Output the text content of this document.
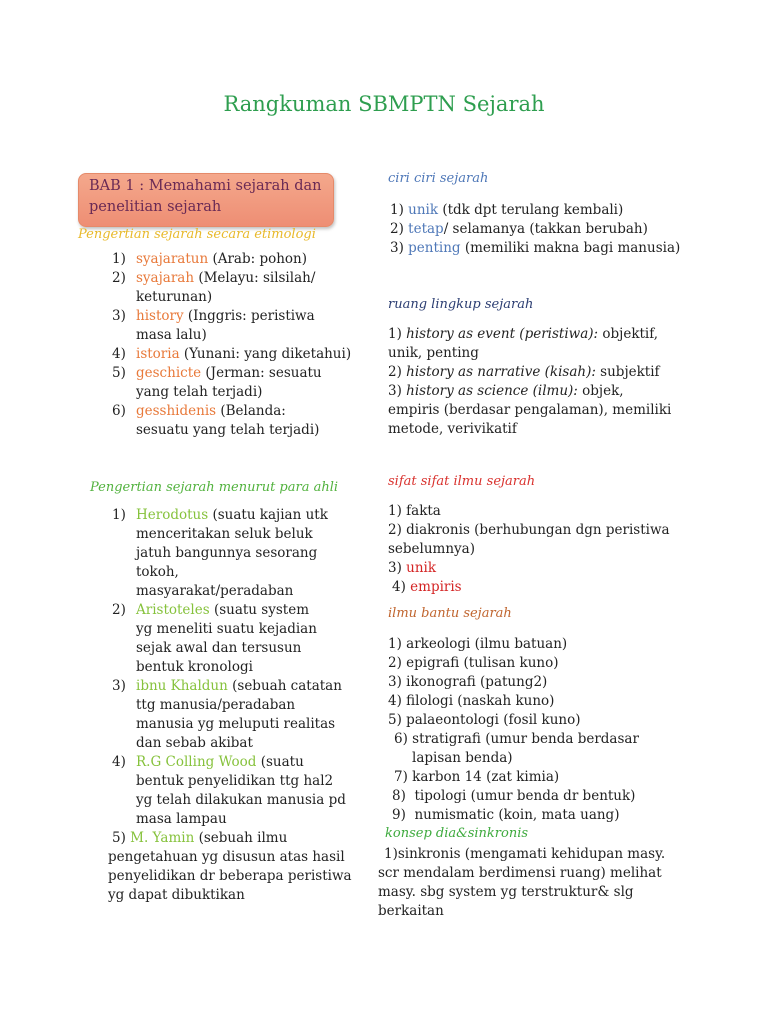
Rangkuman SBMPTN Sejarah
BAB 1 : Memahami sejarah dan penelitian sejarah
Pengertian sejarah secara etimologi
1) syajaratun (Arab: pohon)
2) syajarah (Melayu: silsilah/ keturunan)
3) history (Inggris: peristiwa masa lalu)
4) istoria (Yunani: yang diketahui)
5) geschicte (Jerman: sesuatu yang telah terjadi)
6) gesshidenis (Belanda: sesuatu yang telah terjadi)
Pengertian sejarah menurut para ahli
1) Herodotus (suatu kajian utk menceritakan seluk beluk jatuh bangunnya sesorang tokoh, masyarakat/peradaban
2) Aristoteles (suatu system yg meneliti suatu kejadian sejak awal dan tersusun bentuk kronologi
3) ibnu Khaldun (sebuah catatan ttg manusia/peradaban manusia yg meluputi realitas dan sebab akibat
4) R.G Colling Wood (suatu bentuk penyelidikan ttg hal2 yg telah dilakukan manusia pd masa lampau
5) M. Yamin (sebuah ilmu pengetahuan yg disusun atas hasil penyelidikan dr beberapa peristiwa yg dapat dibuktikan
ciri ciri sejarah
1) unik (tdk dpt terulang kembali)
2) tetap/ selamanya (takkan berubah)
3) penting (memiliki makna bagi manusia)
ruang lingkup sejarah
1) history as event (peristiwa): objektif, unik, penting
2) history as narrative (kisah): subjektif
3) history as science (ilmu): objek, empiris (berdasar pengalaman), memiliki metode, verivikatif
sifat sifat ilmu sejarah
1) fakta
2) diakronis (berhubungan dgn peristiwa sebelumnya)
3) unik
4) empiris
ilmu bantu sejarah
1) arkeologi (ilmu batuan)
2) epigrafi (tulisan kuno)
3) ikonografi (patung2)
4) filologi (naskah kuno)
5) palaeontologi (fosil kuno)
6) stratigrafi (umur benda berdasar lapisan benda)
7) karbon 14 (zat kimia)
8) tipologi (umur benda dr bentuk)
9) numismatic (koin, mata uang)
konsep dia&sinkronis
1)sinkronis (mengamati kehidupan masy. scr mendalam berdimensi ruang) melihat masy. sbg system yg terstruktur& slg berkaitan
